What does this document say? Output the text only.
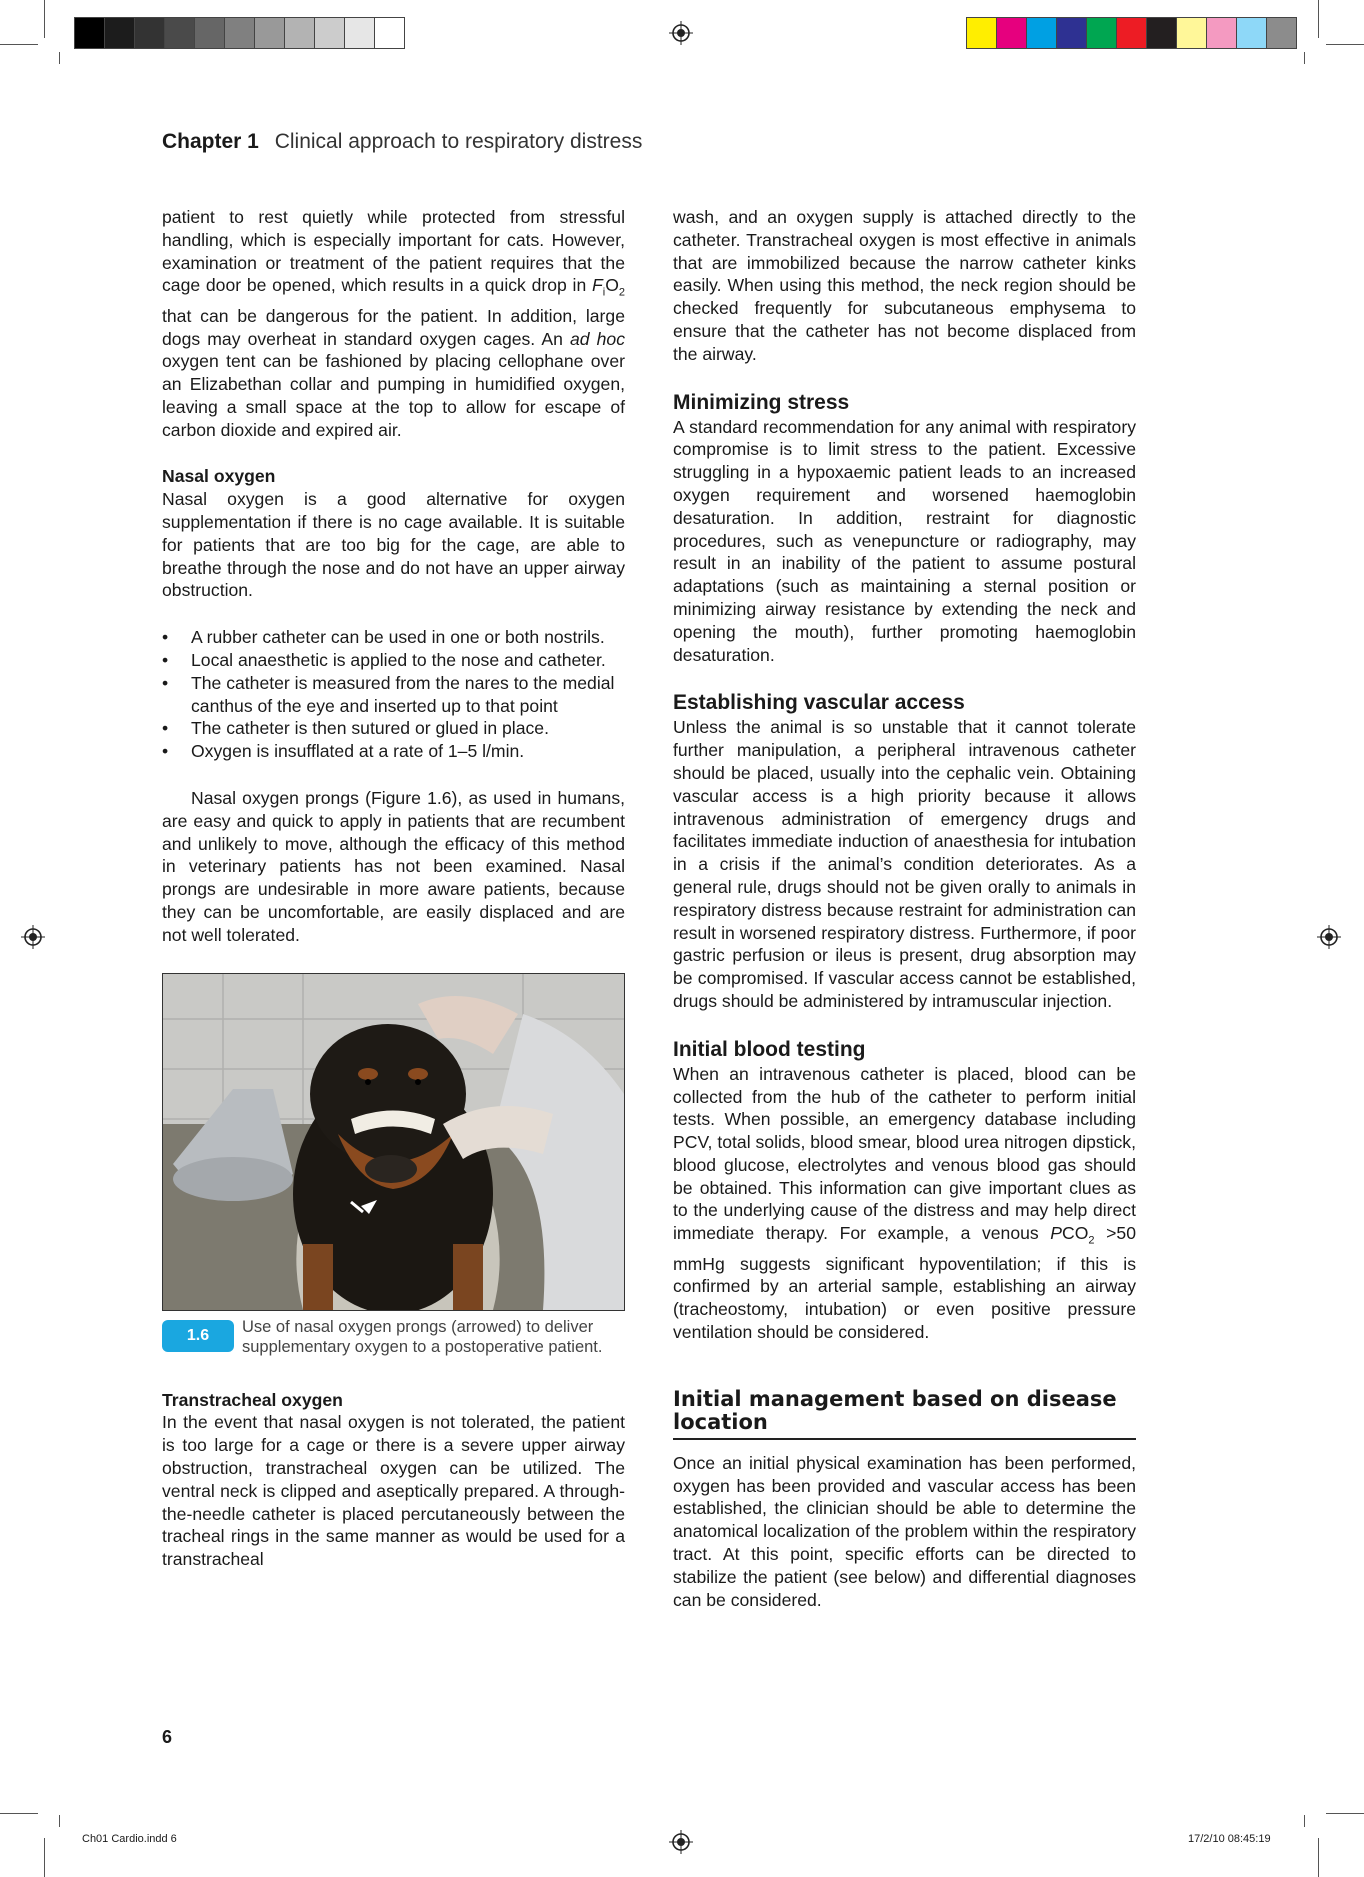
Chapter 1 Clinical approach to respiratory distress

patient to rest quietly while protected from stressful handling, which is especially important for cats. However, examination or treatment of the patient requires that the cage door be opened, which results in a quick drop in $F_iO_2$ that can be dangerous for the patient. In addition, large dogs may overheat in standard oxygen cages. An ad hoc oxygen tent can be fashioned by placing cellophane over an Elizabethan collar and pumping in humidified oxygen, leaving a small space at the top to allow for escape of carbon dioxide and expired air.

Nasal oxygen

Nasal oxygen is a good alternative for oxygen supplementation if there is no cage available. It is suitable for patients that are too big for the cage, are able to breathe through the nose and do not have an upper airway obstruction.

• A rubber catheter can be used in one or both nostrils.
• Local anaesthetic is applied to the nose and catheter.
• The catheter is measured from the nares to the medial canthus of the eye and inserted up to that point
• The catheter is then sutured or glued in place.
• Oxygen is insufflated at a rate of 1–5 l/min.

Nasal oxygen prongs (Figure 1.6), as used in humans, are easy and quick to apply in patients that are recumbent and unlikely to move, although the efficacy of this method in veterinary patients has not been examined. Nasal prongs are undesirable in more aware patients, because they can be uncomfortable, are easily displaced and are not well tolerated.

1.6	Use of nasal oxygen prongs (arrowed) to deliver supplementary oxygen to a postoperative patient.

Transtracheal oxygen

In the event that nasal oxygen is not tolerated, the patient is too large for a cage or there is a severe upper airway obstruction, transtracheal oxygen can be utilized. The ventral neck is clipped and aseptically prepared. A through-the-needle catheter is placed percutaneously between the tracheal rings in the same manner as would be used for a transtracheal

wash, and an oxygen supply is attached directly to the catheter. Transtracheal oxygen is most effective in animals that are immobilized because the narrow catheter kinks easily. When using this method, the neck region should be checked frequently for subcutaneous emphysema to ensure that the catheter has not become displaced from the airway.

Minimizing stress

A standard recommendation for any animal with respiratory compromise is to limit stress to the patient. Excessive struggling in a hypoxaemic patient leads to an increased oxygen requirement and worsened haemoglobin desaturation. In addition, restraint for diagnostic procedures, such as venepuncture or radiography, may result in an inability of the patient to assume postural adaptations (such as maintaining a sternal position or minimizing airway resistance by extending the neck and opening the mouth), further promoting haemoglobin desaturation.

Establishing vascular access

Unless the animal is so unstable that it cannot tolerate further manipulation, a peripheral intravenous catheter should be placed, usually into the cephalic vein. Obtaining vascular access is a high priority because it allows intravenous administration of emergency drugs and facilitates immediate induction of anaesthesia for intubation in a crisis if the animal’s condition deteriorates. As a general rule, drugs should not be given orally to animals in respiratory distress because restraint for administration can result in worsened respiratory distress. Furthermore, if poor gastric perfusion or ileus is present, drug absorption may be compromised. If vascular access cannot be established, drugs should be administered by intramuscular injection.

Initial blood testing

When an intravenous catheter is placed, blood can be collected from the hub of the catheter to perform initial tests. When possible, an emergency database including PCV, total solids, blood smear, blood urea nitrogen dipstick, blood glucose, electrolytes and venous blood gas should be obtained. This information can give important clues as to the underlying cause of the distress and may help direct immediate therapy. For example, a venous $PCO_2 >50$ mmHg suggests significant hypoventilation; if this is confirmed by an arterial sample, establishing an airway (tracheostomy, intubation) or even positive pressure ventilation should be considered.

Initial management based on disease location

Once an initial physical examination has been performed, oxygen has been provided and vascular access has been established, the clinician should be able to determine the anatomical localization of the problem within the respiratory tract. At this point, specific efforts can be directed to stabilize the patient (see below) and differential diagnoses can be considered.

6
Ch01 Cardio.indd 6	17/2/10 08:45:19
